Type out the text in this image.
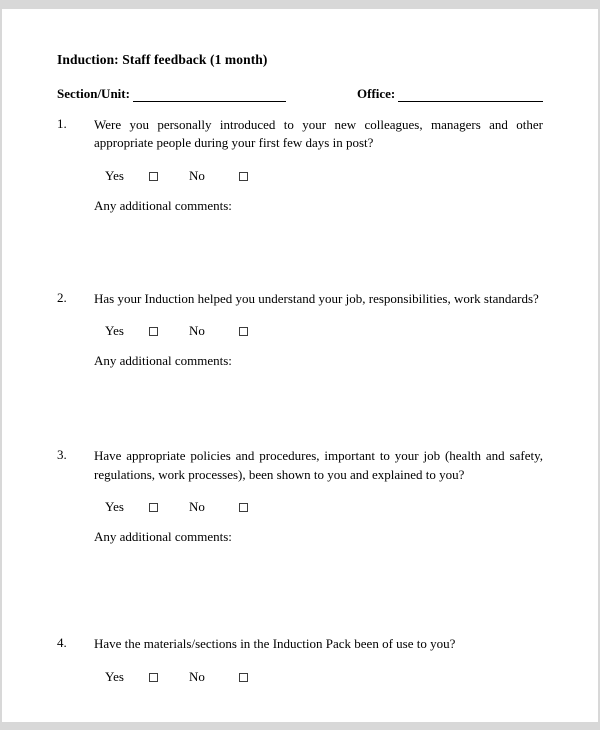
Induction: Staff feedback (1 month)
Section/Unit:	Office:
1.	Were you personally introduced to your new colleagues, managers and other appropriate people during your first few days in post?
Yes	No
Any additional comments:
2.	Has your Induction helped you understand your job, responsibilities, work standards?
Yes	No
Any additional comments:
3.	Have appropriate policies and procedures, important to your job (health and safety, regulations, work processes), been shown to you and explained to you?
Yes	No
Any additional comments:
4.	Have the materials/sections in the Induction Pack been of use to you?
Yes	No
